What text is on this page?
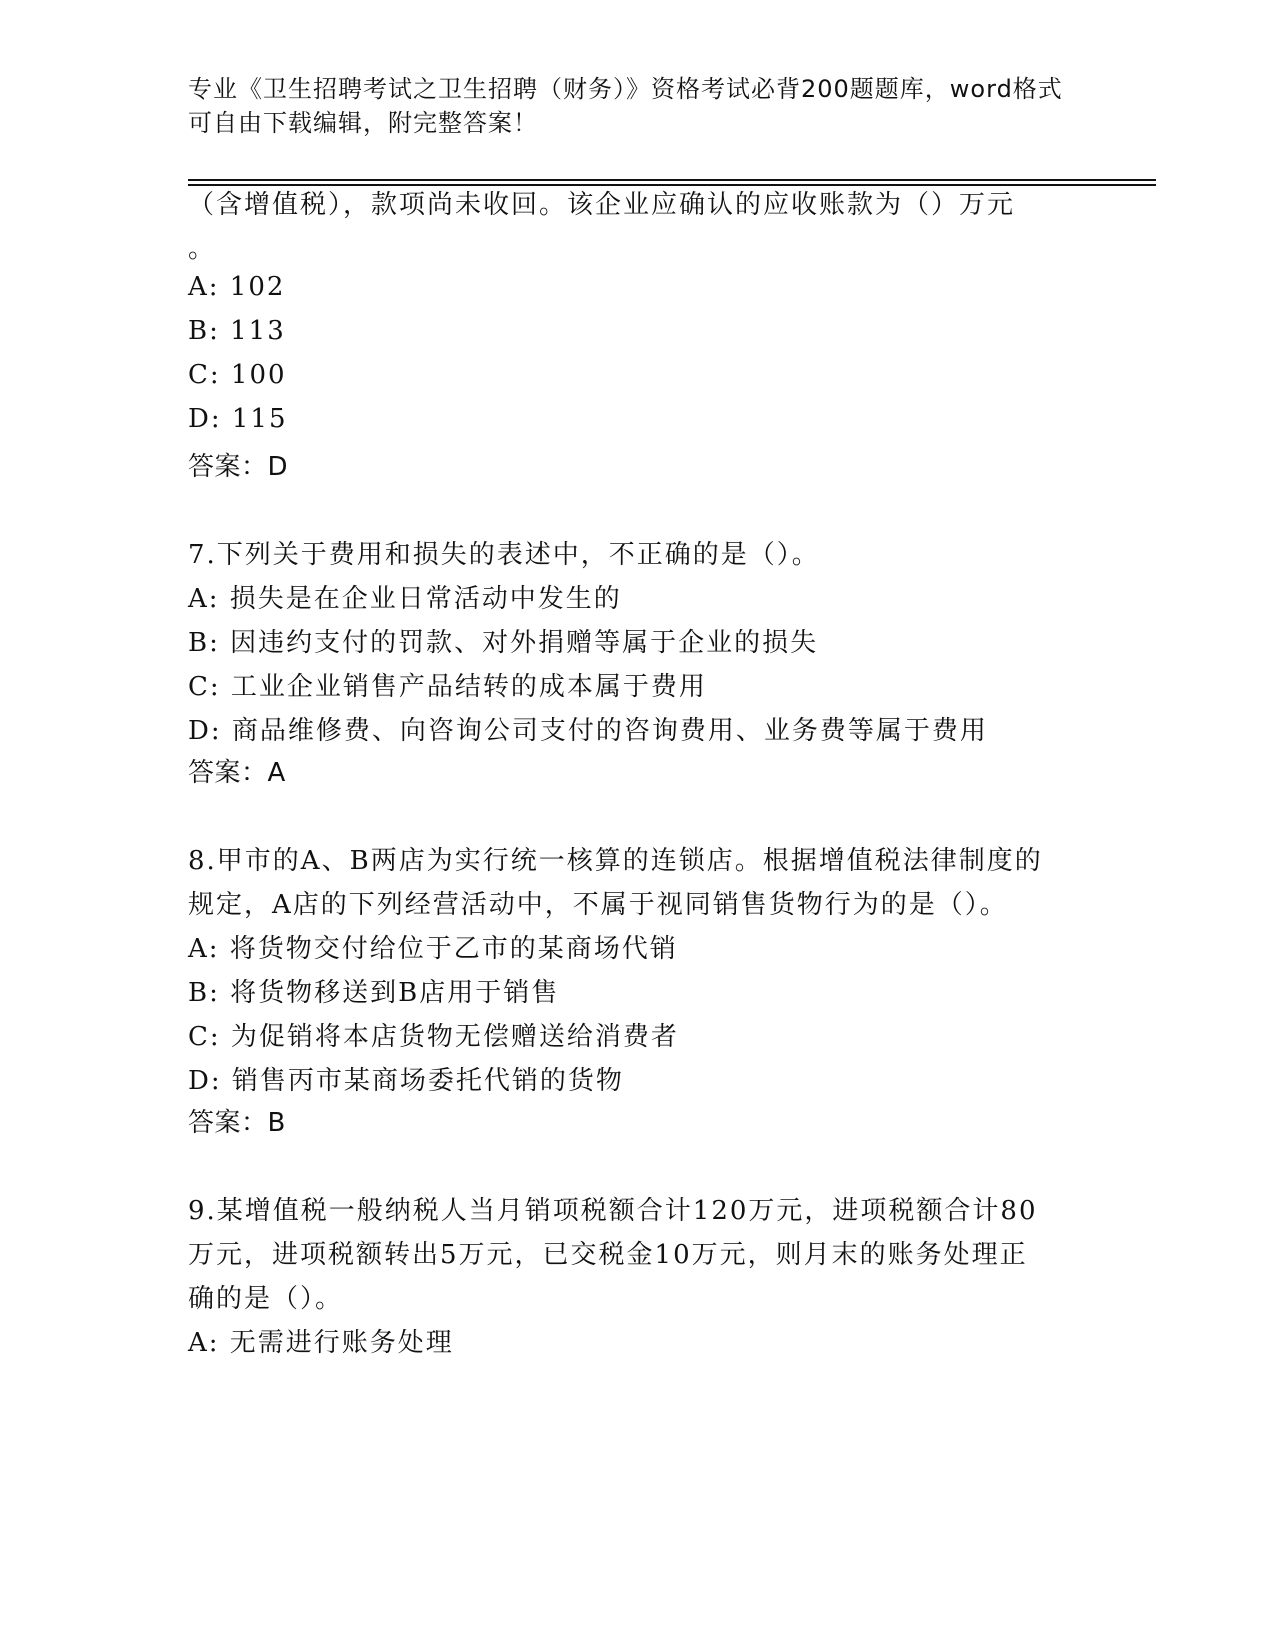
专业《卫生招聘考试之卫生招聘（财务）》资格考试必背200题题库，word格式
可自由下载编辑，附完整答案！
（含增值税），款项尚未收回。该企业应确认的应收账款为（）万元
。
A: 102
B: 113
C: 100
D: 115
答案：D
7.下列关于费用和损失的表述中，不正确的是（）。
A: 损失是在企业日常活动中发生的
B: 因违约支付的罚款、对外捐赠等属于企业的损失
C: 工业企业销售产品结转的成本属于费用
D: 商品维修费、向咨询公司支付的咨询费用、业务费等属于费用
答案：A
8.甲市的A、B两店为实行统一核算的连锁店。根据增值税法律制度的
规定，A店的下列经营活动中，不属于视同销售货物行为的是（）。
A: 将货物交付给位于乙市的某商场代销
B: 将货物移送到B店用于销售
C: 为促销将本店货物无偿赠送给消费者
D: 销售丙市某商场委托代销的货物
答案：B
9.某增值税一般纳税人当月销项税额合计120万元，进项税额合计80
万元，进项税额转出5万元，已交税金10万元，则月末的账务处理正
确的是（）。
A: 无需进行账务处理
